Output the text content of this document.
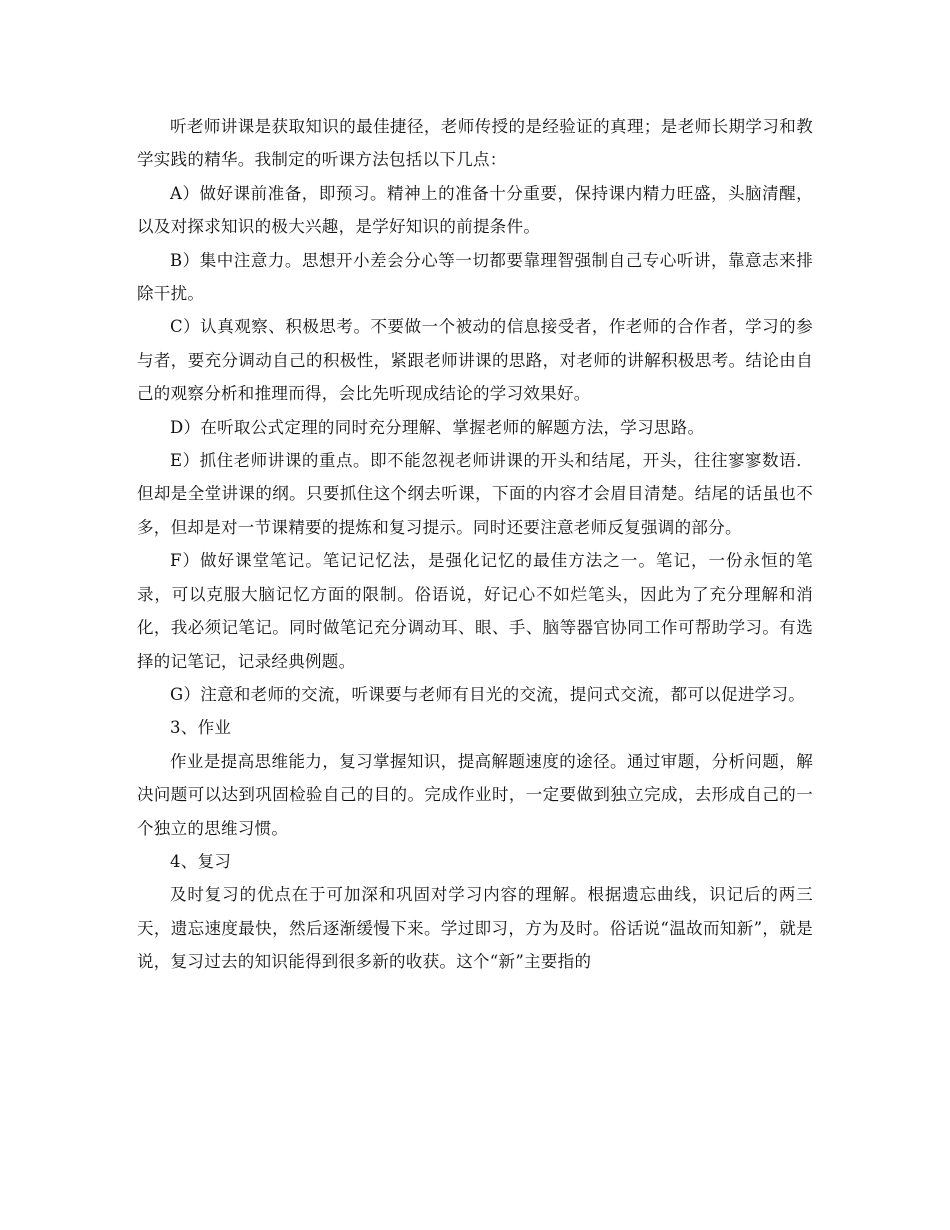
听老师讲课是获取知识的最佳捷径，老师传授的是经验证的真理；是老师长期学习和教学实践的精华。我制定的听课方法包括以下几点：

A）做好课前准备，即预习。精神上的准备十分重要，保持课内精力旺盛，头脑清醒，以及对探求知识的极大兴趣，是学好知识的前提条件。

B）集中注意力。思想开小差会分心等一切都要靠理智强制自己专心听讲，靠意志来排除干扰。

C）认真观察、积极思考。不要做一个被动的信息接受者，作老师的合作者，学习的参与者，要充分调动自己的积极性，紧跟老师讲课的思路，对老师的讲解积极思考。结论由自己的观察分析和推理而得，会比先听现成结论的学习效果好。

D）在听取公式定理的同时充分理解、掌握老师的解题方法，学习思路。

E）抓住老师讲课的重点。即不能忽视老师讲课的开头和结尾，开头，往往寥寥数语．但却是全堂讲课的纲。只要抓住这个纲去听课，下面的内容才会眉目清楚。结尾的话虽也不多，但却是对一节课精要的提炼和复习提示。同时还要注意老师反复强调的部分。

F）做好课堂笔记。笔记记忆法，是强化记忆的最佳方法之一。笔记，一份永恒的笔录，可以克服大脑记忆方面的限制。俗语说，好记心不如烂笔头，因此为了充分理解和消化，我必须记笔记。同时做笔记充分调动耳、眼、手、脑等器官协同工作可帮助学习。有选择的记笔记，记录经典例题。

G）注意和老师的交流，听课要与老师有目光的交流，提问式交流，都可以促进学习。

3、作业

作业是提高思维能力，复习掌握知识，提高解题速度的途径。通过审题，分析问题，解决问题可以达到巩固检验自己的目的。完成作业时，一定要做到独立完成，去形成自己的一个独立的思维习惯。

4、复习

及时复习的优点在于可加深和巩固对学习内容的理解。根据遗忘曲线，识记后的两三天，遗忘速度最快，然后逐渐缓慢下来。学过即习，方为及时。俗话说“温故而知新”，就是说，复习过去的知识能得到很多新的收获。这个“新”主要指的
